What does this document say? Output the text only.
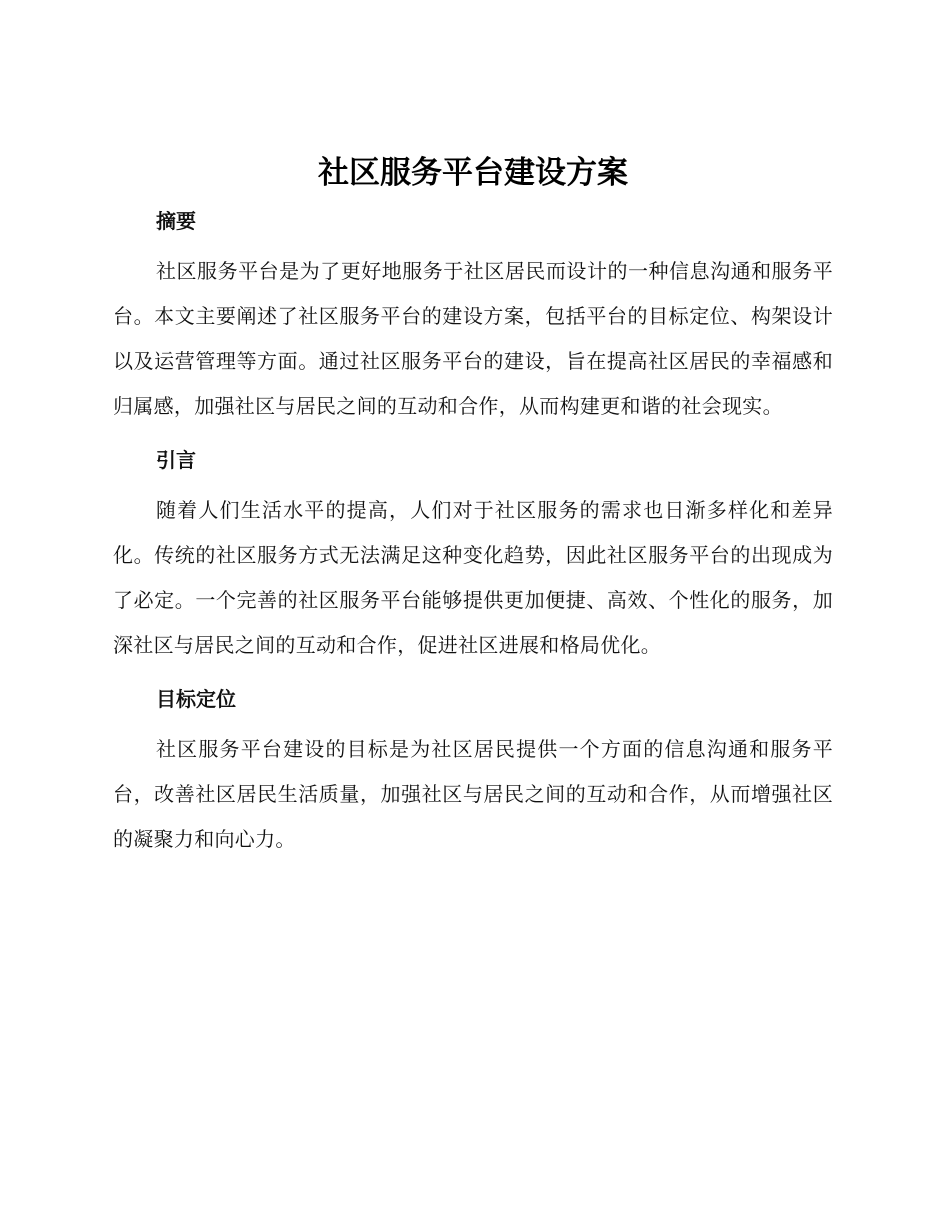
社区服务平台建设方案
摘要

社区服务平台是为了更好地服务于社区居民而设计的一种信息沟通和服务平台。本文主要阐述了社区服务平台的建设方案，包括平台的目标定位、构架设计以及运营管理等方面。通过社区服务平台的建设，旨在提高社区居民的幸福感和归属感，加强社区与居民之间的互动和合作，从而构建更和谐的社会现实。

引言

随着人们生活水平的提高，人们对于社区服务的需求也日渐多样化和差异化。传统的社区服务方式无法满足这种变化趋势，因此社区服务平台的出现成为了必定。一个完善的社区服务平台能够提供更加便捷、高效、个性化的服务，加深社区与居民之间的互动和合作，促进社区进展和格局优化。

目标定位

社区服务平台建设的目标是为社区居民提供一个方面的信息沟通和服务平台，改善社区居民生活质量，加强社区与居民之间的互动和合作，从而增强社区的凝聚力和向心力。
